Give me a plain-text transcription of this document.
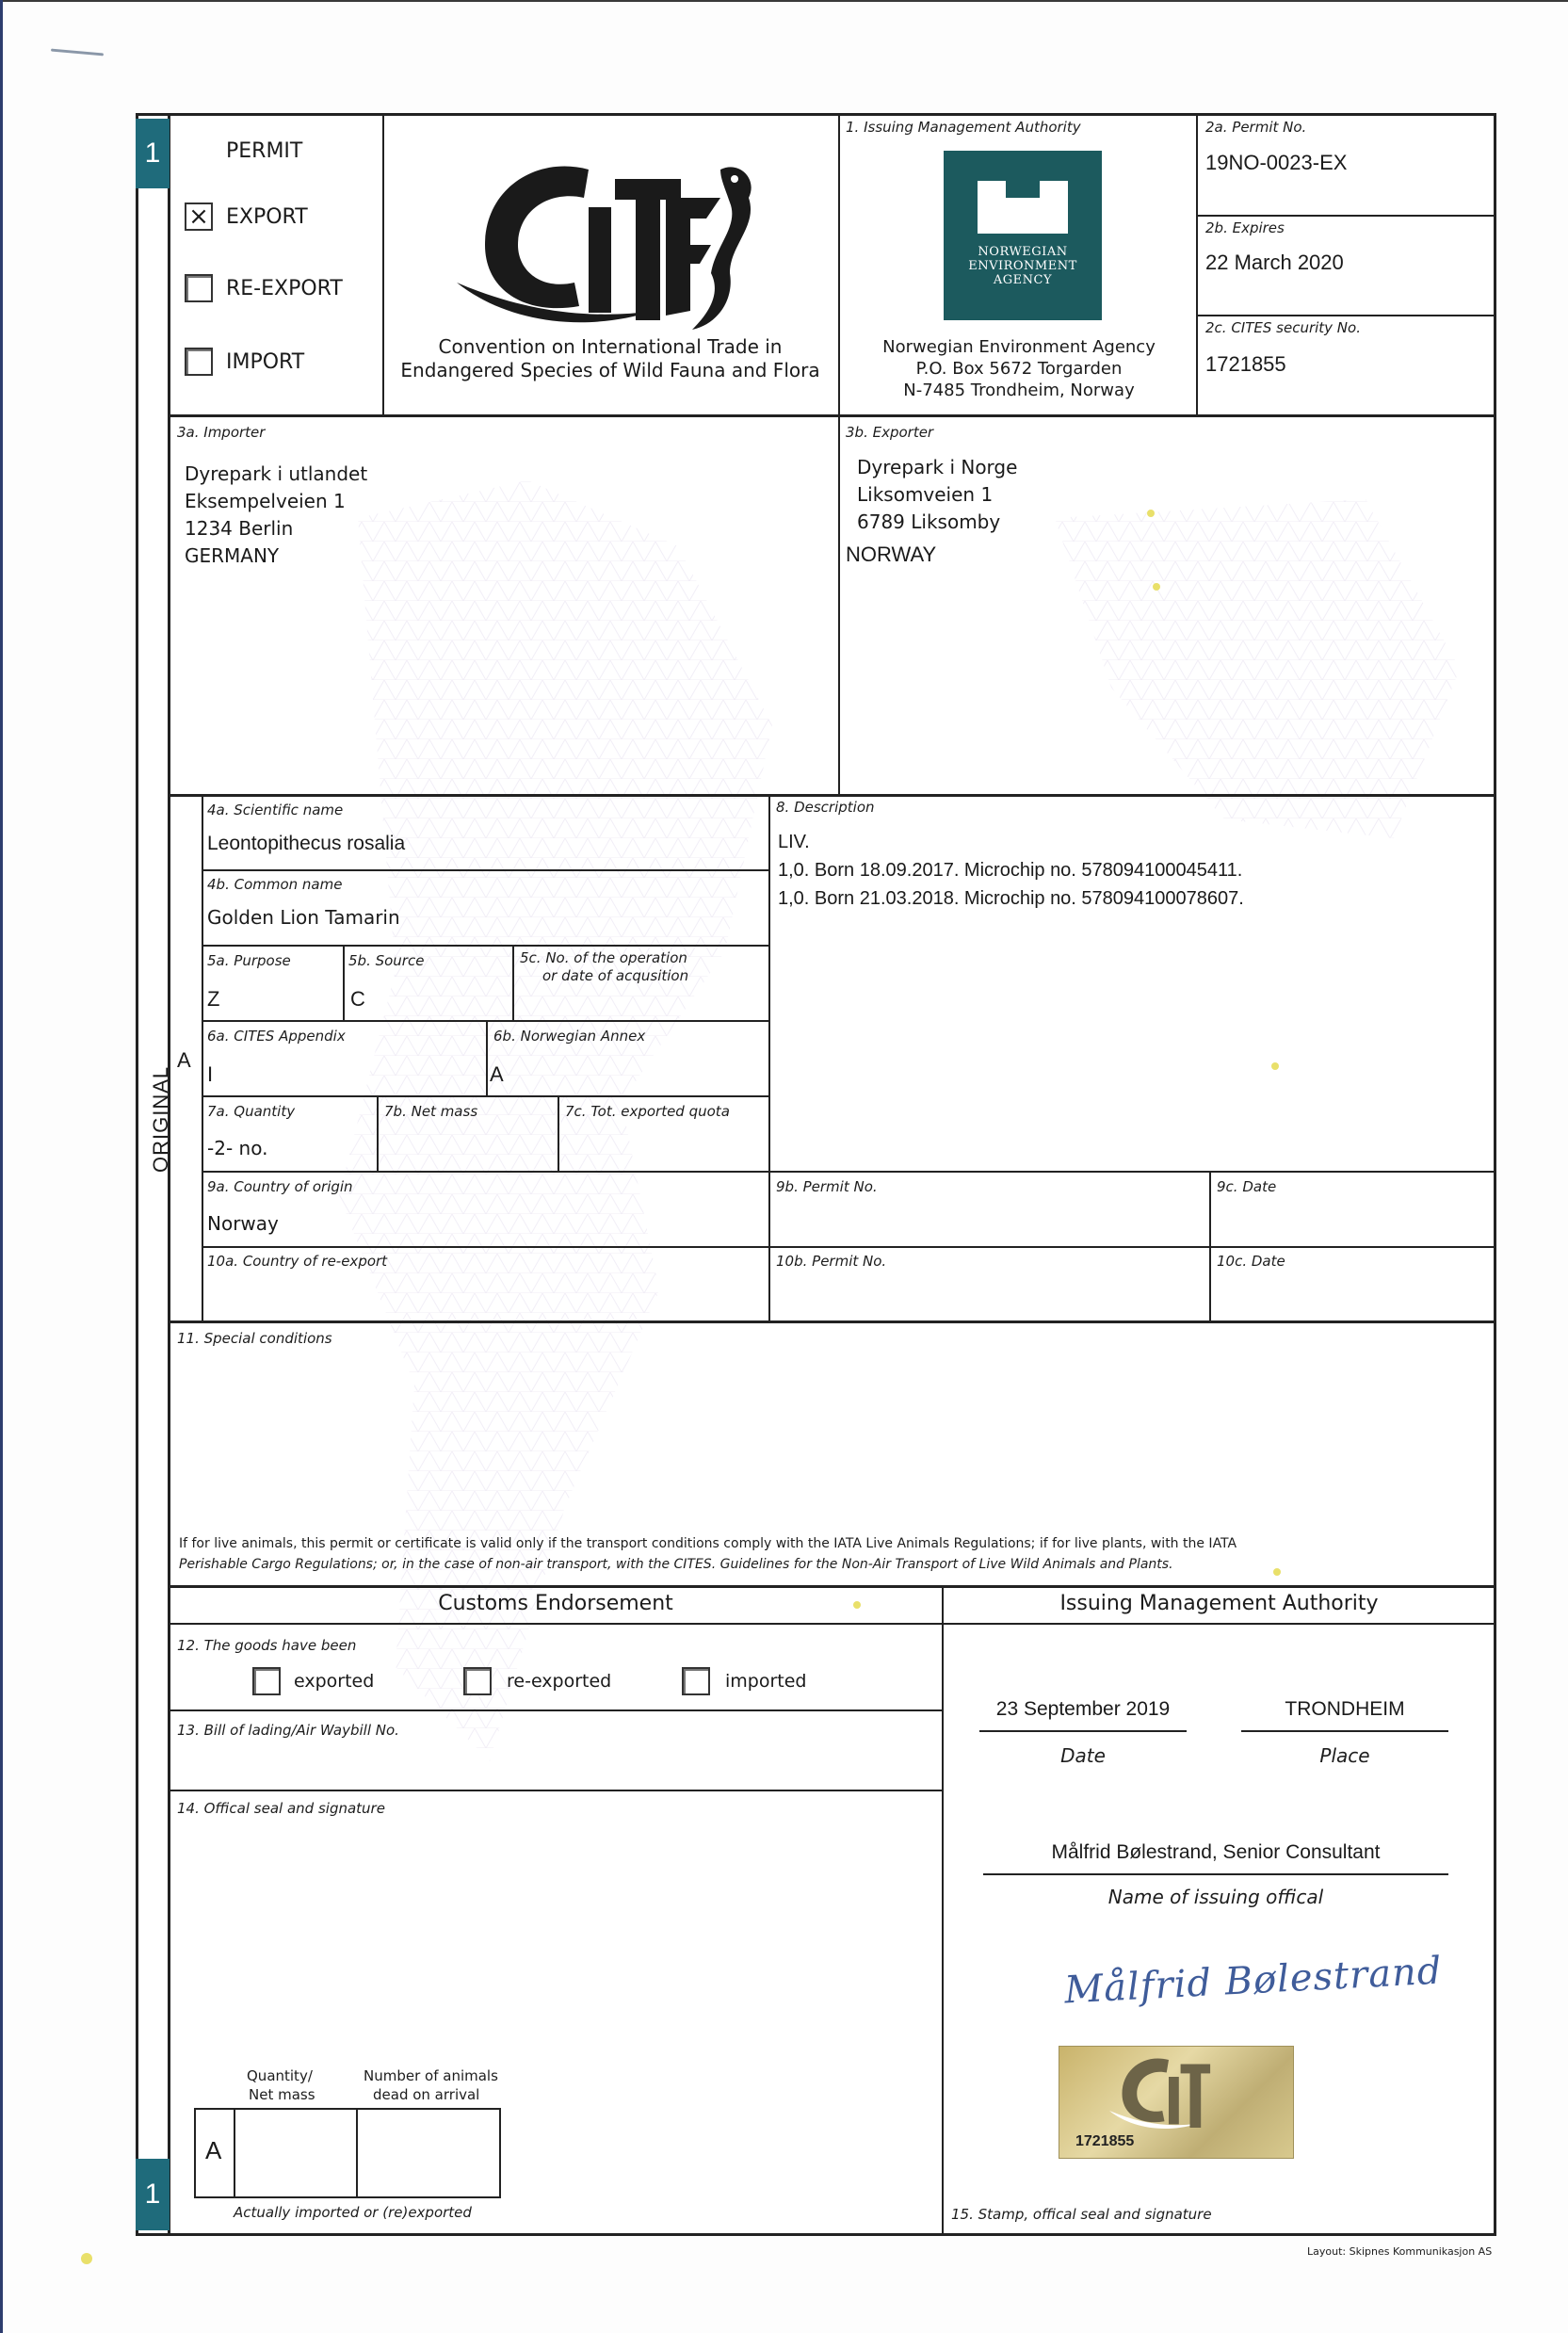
1
1
ORIGINAL
PERMIT
× EXPORT
RE-EXPORT
IMPORT
Convention on International Trade in
Endangered Species of Wild Fauna and Flora
1. Issuing Management Authority
NORWEGIAN
ENVIRONMENT
AGENCY
Norwegian Environment Agency
P.O. Box 5672 Torgarden
N-7485 Trondheim, Norway
2a. Permit No.
19NO-0023-EX
2b. Expires
22 March 2020
2c. CITES security No.
1721855
3a. Importer
Dyrepark i utlandet
Eksempelveien 1
1234 Berlin
GERMANY
3b. Exporter
Dyrepark i Norge
Liksomveien 1
6789 Liksomby
NORWAY
A
4a. Scientific name
Leontopithecus rosalia
4b. Common name
Golden Lion Tamarin
5a. Purpose
Z
5b. Source
C
5c. No. of the operation
or date of acqusition
6a. CITES Appendix
I
6b. Norwegian Annex
A
7a. Quantity
-2- no.
7b. Net mass	7c. Tot. exported quota
8. Description
LIV.
1,0. Born 18.09.2017. Microchip no. 578094100045411.
1,0. Born 21.03.2018. Microchip no. 578094100078607.
9a. Country of origin
Norway
9b. Permit No.	9c. Date
10a. Country of re-export	10b. Permit No.	10c. Date
11. Special conditions
If for live animals, this permit or certificate is valid only if the transport conditions comply with the IATA Live Animals Regulations; if for live plants, with the IATA
Perishable Cargo Regulations; or, in the case of non-air transport, with the CITES. Guidelines for the Non-Air Transport of Live Wild Animals and Plants.
Customs Endorsement	Issuing Management Authority
12. The goods have been
exported	re-exported	imported
13. Bill of lading/Air Waybill No.
14. Offical seal and signature
Quantity/
Net mass
Number of animals
dead on arrival
A
Actually imported or (re)exported
23 September 2019
Date
TRONDHEIM
Place
Målfrid Bølestrand, Senior Consultant
Name of issuing offical
Målfrid Bølestrand
1721855
15. Stamp, offical seal and signature
Layout: Skipnes Kommunikasjon AS
